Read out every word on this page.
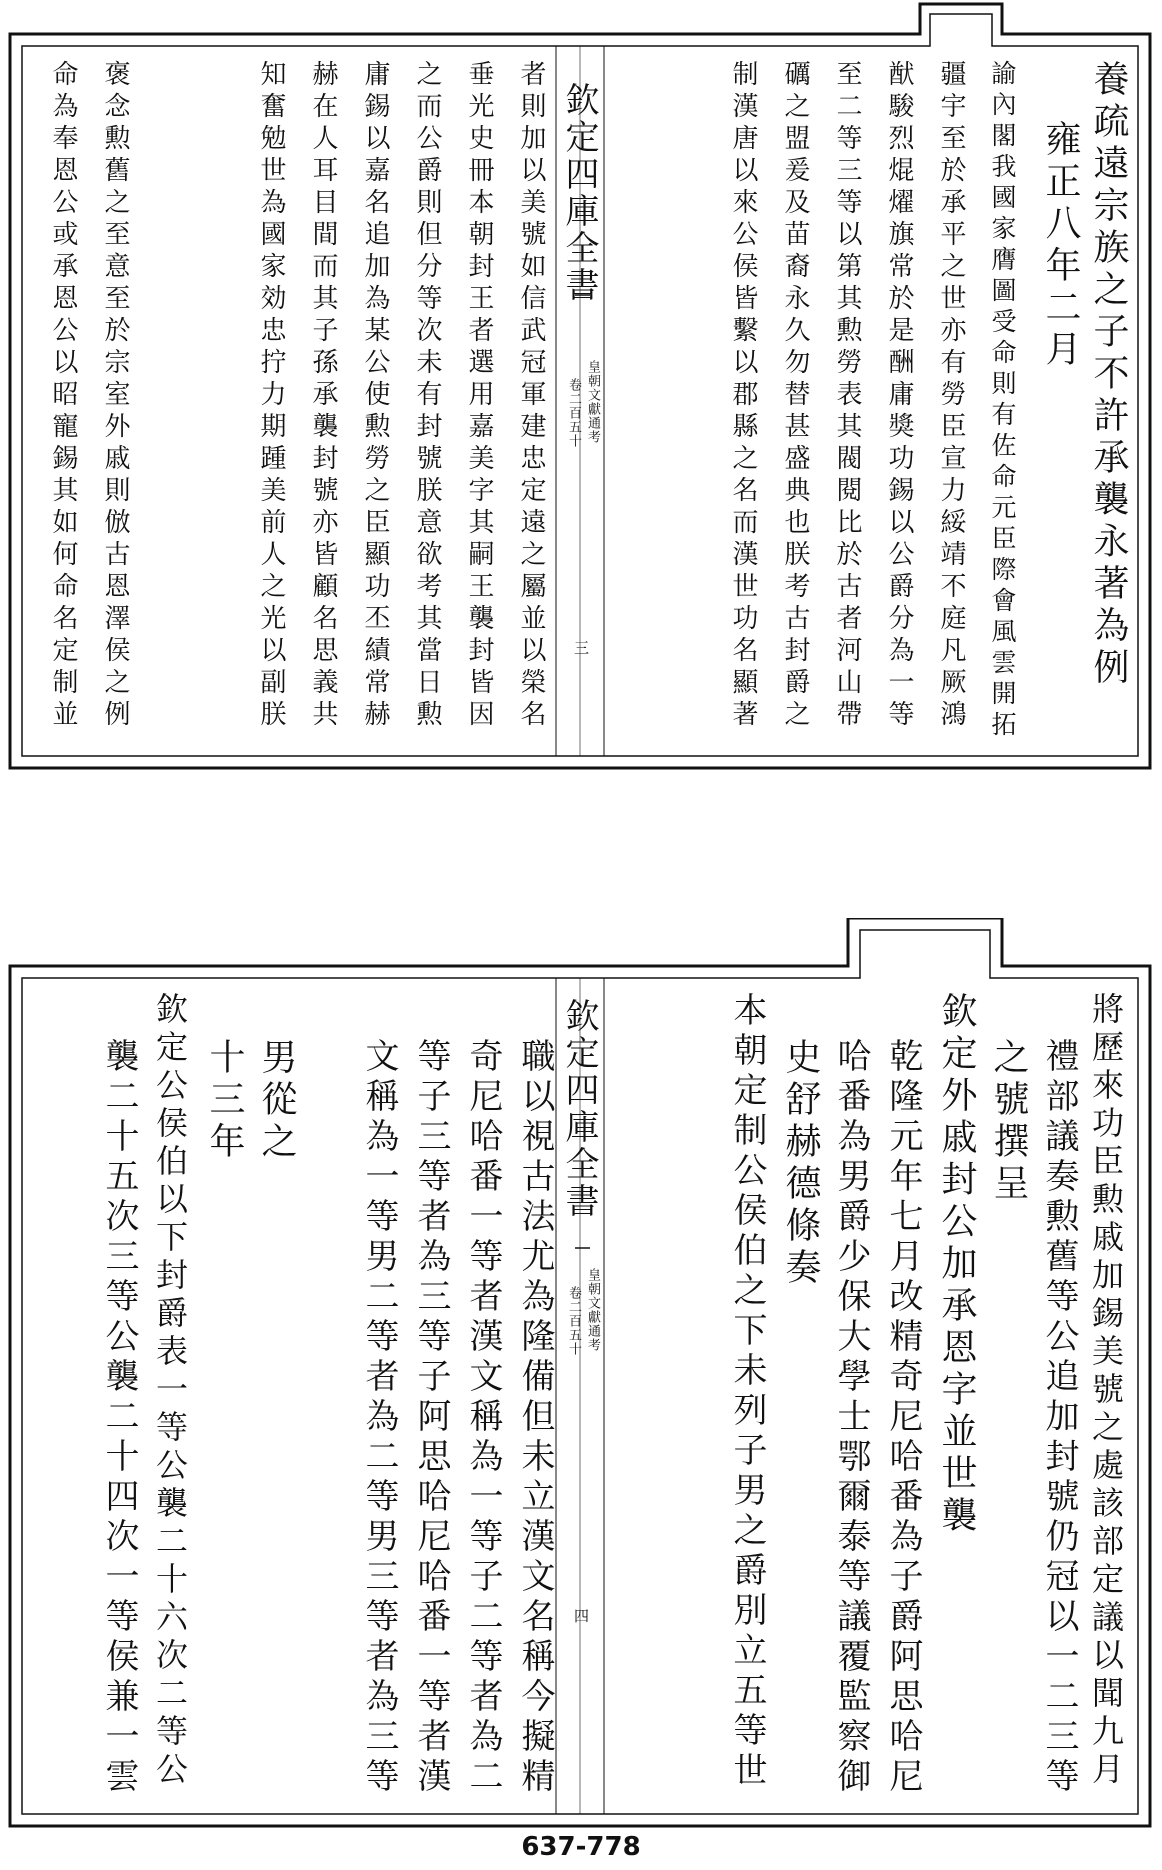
養疏遠宗族之子不許承襲永著為例
雍正八年二月
諭內閣我國家膺圖受命則有佐命元臣際會風雲開拓
疆宇至於承平之世亦有勞臣宣力綏靖不庭凡厥鴻
猷駿烈焜燿旗常於是酬庸獎功錫以公爵分為一等
至二等三等以第其勲勞表其閥閱比於古者河山帶
礪之盟爰及苗裔永久勿替甚盛典也朕考古封爵之
制漢唐以來公侯皆繫以郡縣之名而漢世功名顯著
者則加以美號如信武冠軍建忠定遠之屬並以榮名
垂光史冊本朝封王者選用嘉美字其嗣王襲封皆因
之而公爵則但分等次未有封號朕意欲考其當日勲
庸錫以嘉名追加為某公使勲勞之臣顯功丕績常赫
赫在人耳目間而其子孫承襲封號亦皆顧名思義共
知奮勉世為國家効忠拧力期踵美前人之光以副朕
褒念勲舊之至意至於宗室外戚則倣古恩澤侯之例
命為奉恩公或承恩公以昭寵錫其如何命名定制並	欽定四庫全書
皇朝文獻通考
卷二百五十
三
將歷來功臣勲戚加錫美號之處該部定議以聞九月
禮部議奏勲舊等公追加封號仍冠以一二三等
之號撰呈
欽定外戚封公加承恩字並世襲
乾隆元年七月改精奇尼哈番為子爵阿思哈尼
哈番為男爵少保大學士鄂爾泰等議覆監察御
史舒赫德條奏
本朝定制公侯伯之下未列子男之爵別立五等世
職以視古法尤為隆備但未立漢文名稱今擬精
奇尼哈番一等者漢文稱為一等子二等者為二
等子三等者為三等子阿思哈尼哈番一等者漢
文稱為一等男二等者為二等男三等者為三等
男從之
十三年
欽定公侯伯以下封爵表一等公襲二十六次二等公
襲二十五次三等公襲二十四次一等侯兼一雲	欽定四庫全書
皇朝文獻通考
卷二百五十
四
637-778
